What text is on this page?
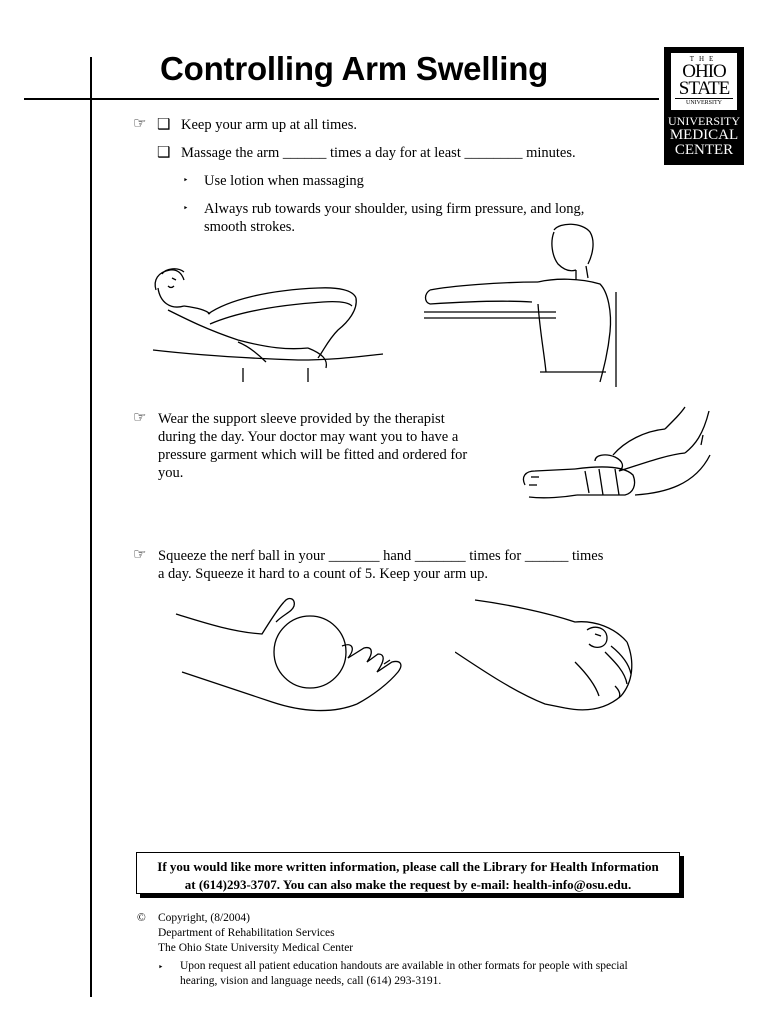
Controlling Arm Swelling	THE
OHIO
STATE
UNIVERSITY
UNIVERSITY
MEDICAL
CENTER
☞ ❑ Keep your arm up at all times.
❑ Massage the arm ______ times a day for at least ________ minutes.
‣ Use lotion when massaging
‣ Always rub towards your shoulder, using firm pressure, and long,
smooth strokes.
☞ Wear the support sleeve provided by the therapist
during the day. Your doctor may want you to have a
pressure garment which will be fitted and ordered for
you.
☞ Squeeze the nerf ball in your _______ hand _______ times for ______ times
a day. Squeeze it hard to a count of 5. Keep your arm up.
If you would like more written information, please call the Library for Health Information
at (614)293-3707. You can also make the request by e-mail: health-info@osu.edu.
© Copyright, (8/2004)
Department of Rehabilitation Services
The Ohio State University Medical Center
‣ Upon request all patient education handouts are available in other formats for people with special
hearing, vision and language needs, call (614) 293-3191.
